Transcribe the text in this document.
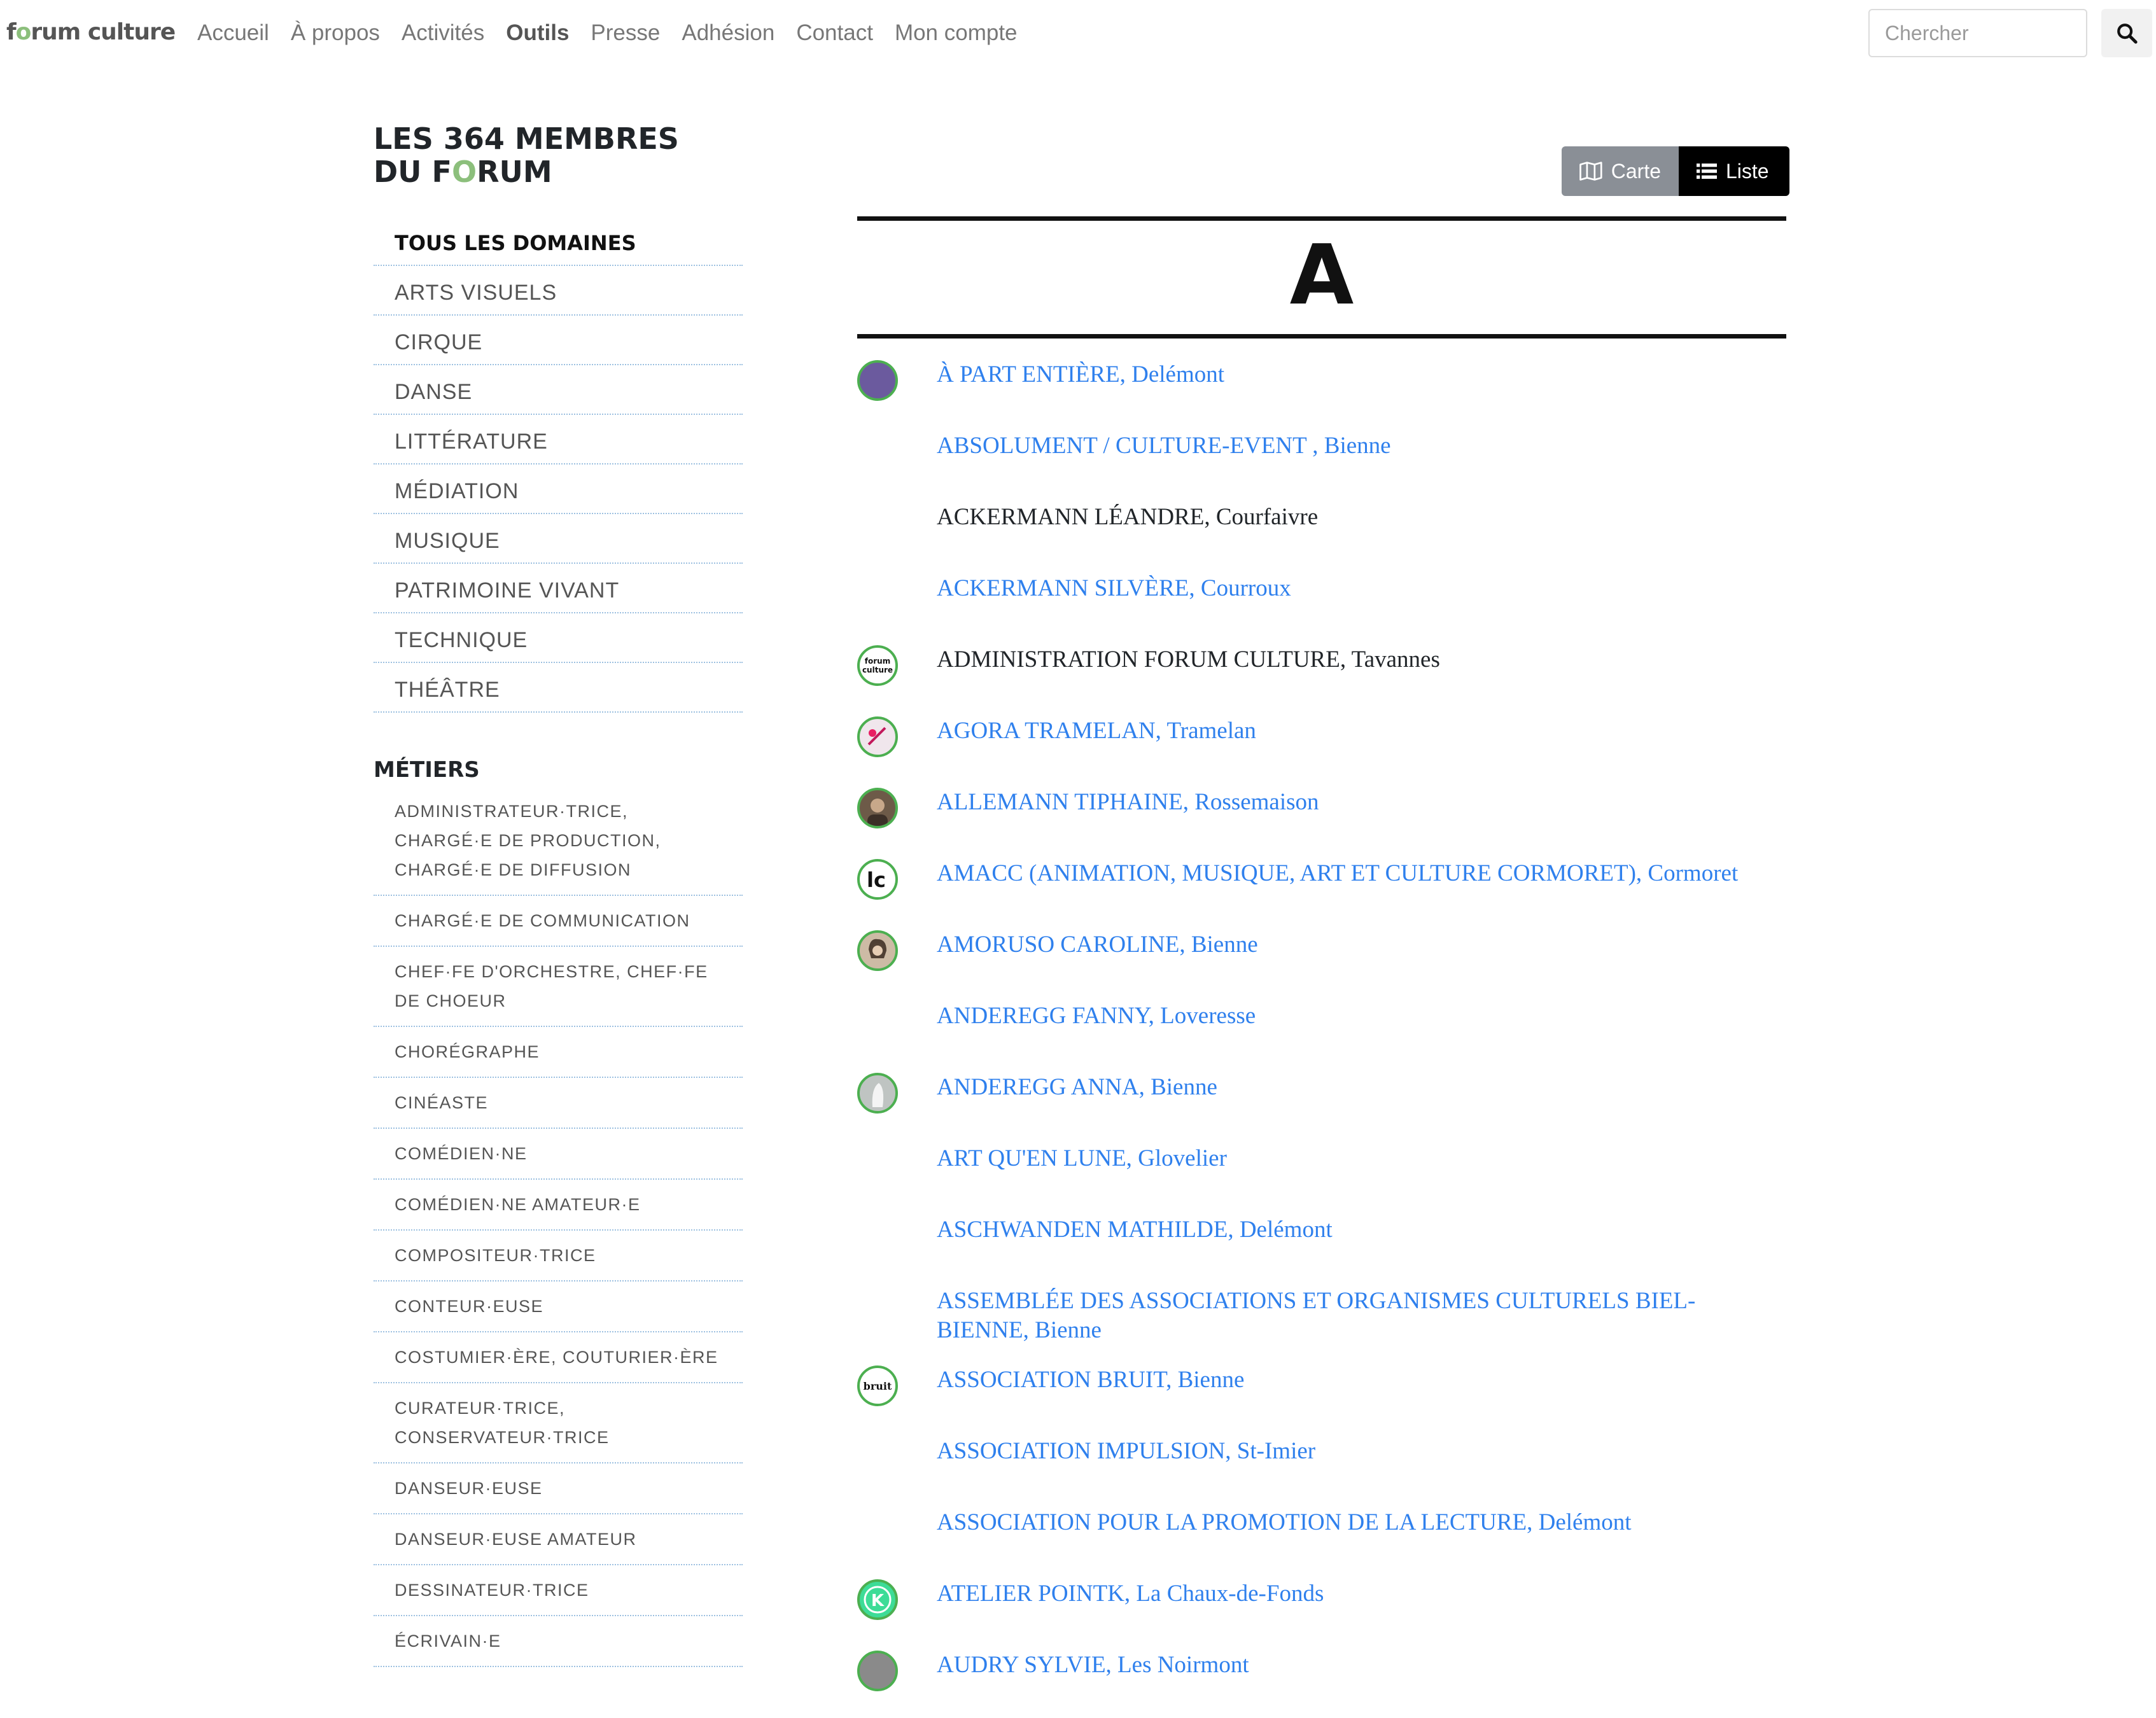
forum culture Accueil À propos Activités Outils Presse Adhésion Contact Mon compte
Chercher
LES 364 MEMBRES
DU FORUM
TOUS LES DOMAINES
ARTS VISUELS
CIRQUE
DANSE
LITTÉRATURE
MÉDIATION
MUSIQUE
PATRIMOINE VIVANT
TECHNIQUE
THÉÂTRE
MÉTIERS
ADMINISTRATEUR·TRICE, CHARGÉ·E DE PRODUCTION, CHARGÉ·E DE DIFFUSION
CHARGÉ·E DE COMMUNICATION
CHEF·FE D'ORCHESTRE, CHEF·FE DE CHOEUR
CHORÉGRAPHE
CINÉASTE
COMÉDIEN·NE
COMÉDIEN·NE AMATEUR·E
COMPOSITEUR·TRICE
CONTEUR·EUSE
COSTUMIER·ÈRE, COUTURIER·ÈRE
CURATEUR·TRICE, CONSERVATEUR·TRICE
DANSEUR·EUSE
DANSEUR·EUSE AMATEUR
DESSINATEUR·TRICE
ÉCRIVAIN·E
Carte	Liste
A
À PART ENTIÈRE, Delémont
ABSOLUMENT / CULTURE-EVENT , Bienne
ACKERMANN LÉANDRE, Courfaivre
ACKERMANN SILVÈRE, Courroux
forum
culture ADMINISTRATION FORUM CULTURE, Tavannes
AGORA TRAMELAN, Tramelan
ALLEMANN TIPHAINE, Rossemaison
lc AMACC (ANIMATION, MUSIQUE, ART ET CULTURE CORMORET), Cormoret
AMORUSO CAROLINE, Bienne
ANDEREGG FANNY, Loveresse
ANDEREGG ANNA, Bienne
ART QU'EN LUNE, Glovelier
ASCHWANDEN MATHILDE, Delémont
ASSEMBLÉE DES ASSOCIATIONS ET ORGANISMES CULTURELS BIEL-BIENNE, Bienne
bruit ASSOCIATION BRUIT, Bienne
ASSOCIATION IMPULSION, St-Imier
ASSOCIATION POUR LA PROMOTION DE LA LECTURE, Delémont
K ATELIER POINTK, La Chaux-de-Fonds
AUDRY SYLVIE, Les Noirmont
